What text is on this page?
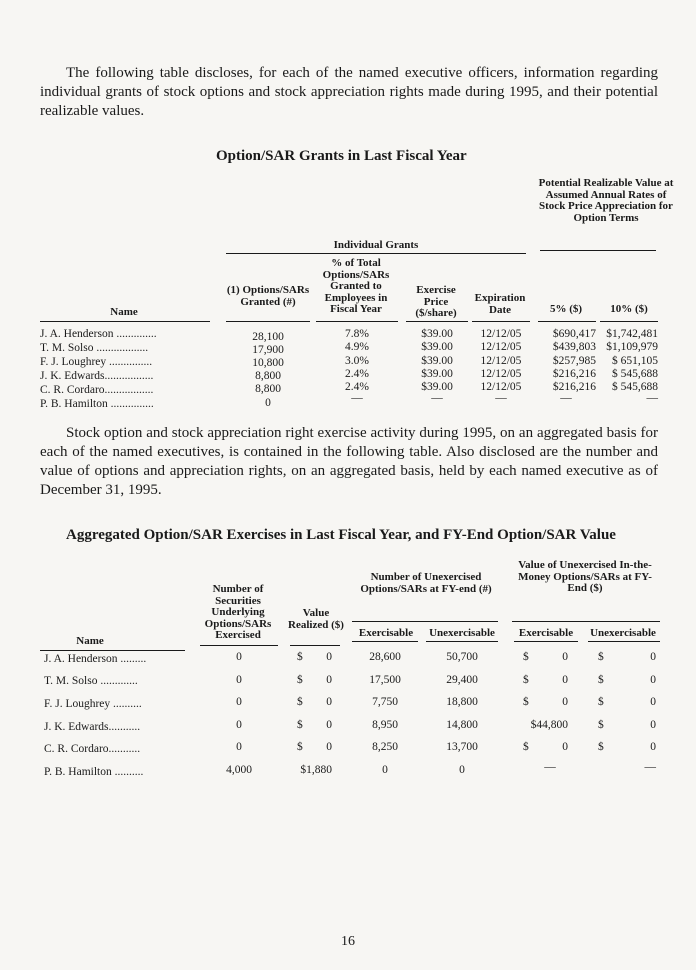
The following table discloses, for each of the named executive officers, information regarding individual grants of stock options and stock appreciation rights made during 1995, and their potential realizable values.
Option/SAR Grants in Last Fiscal Year
Potential Realizable Value at Assumed Annual Rates of Stock Price Appreciation for Option Terms
Individual Grants
(1) Options/SARs Granted (#)
% of Total Options/SARs Granted to Employees in Fiscal Year
Exercise Price ($/share)
Expiration Date	5% ($)	10% ($)
Name
J. A. Henderson ..............	28,100	7.8%	$39.00	12/12/05	$690,417 $1,742,481
T. M. Solso ..................	17,900	4.9%	$39.00	12/12/05	$439,803 $1,109,979
F. J. Loughrey ...............	10,800	3.0%	$39.00	12/12/05	$257,985	$ 651,105
J. K. Edwards.................	8,800	2.4%	$39.00	12/12/05	$216,216	$ 545,688
C. R. Cordaro.................	8,800	2.4%	$39.00	12/12/05	$216,216	$ 545,688
P. B. Hamilton ...............	0	—	—	—	—	—
Stock option and stock appreciation right exercise activity during 1995, on an aggregated basis for each of the named executives, is contained in the following table. Also disclosed are the number and value of options and appreciation rights, on an aggregated basis, held by each named executive as of December 31, 1995.
Aggregated Option/SAR Exercises in Last Fiscal Year, and FY-End Option/SAR Value
Value of Unexercised In-the-Money Options/SARs at FY-End ($)
Number of Unexercised Options/SARs at FY-end (#)
Number of Securities Underlying Options/SARs Exercised
Value Realized ($)
Exercisable	Unexercisable	Exercisable	Unexercisable
Name
J. A. Henderson .........	0	$	0	28,600	50,700	$	0	$	0
T. M. Solso .............	0	$	0	17,500	29,400	$	0	$	0
F. J. Loughrey ..........	0	$	0	7,750	18,800	$	0	$	0
J. K. Edwards...........	0	$	0	8,950	14,800	$44,800	$	0
C. R. Cordaro...........	0	$	0	8,250	13,700	$	0	$	0
P. B. Hamilton ..........	4,000	$1,880	0	0	—	—
16
